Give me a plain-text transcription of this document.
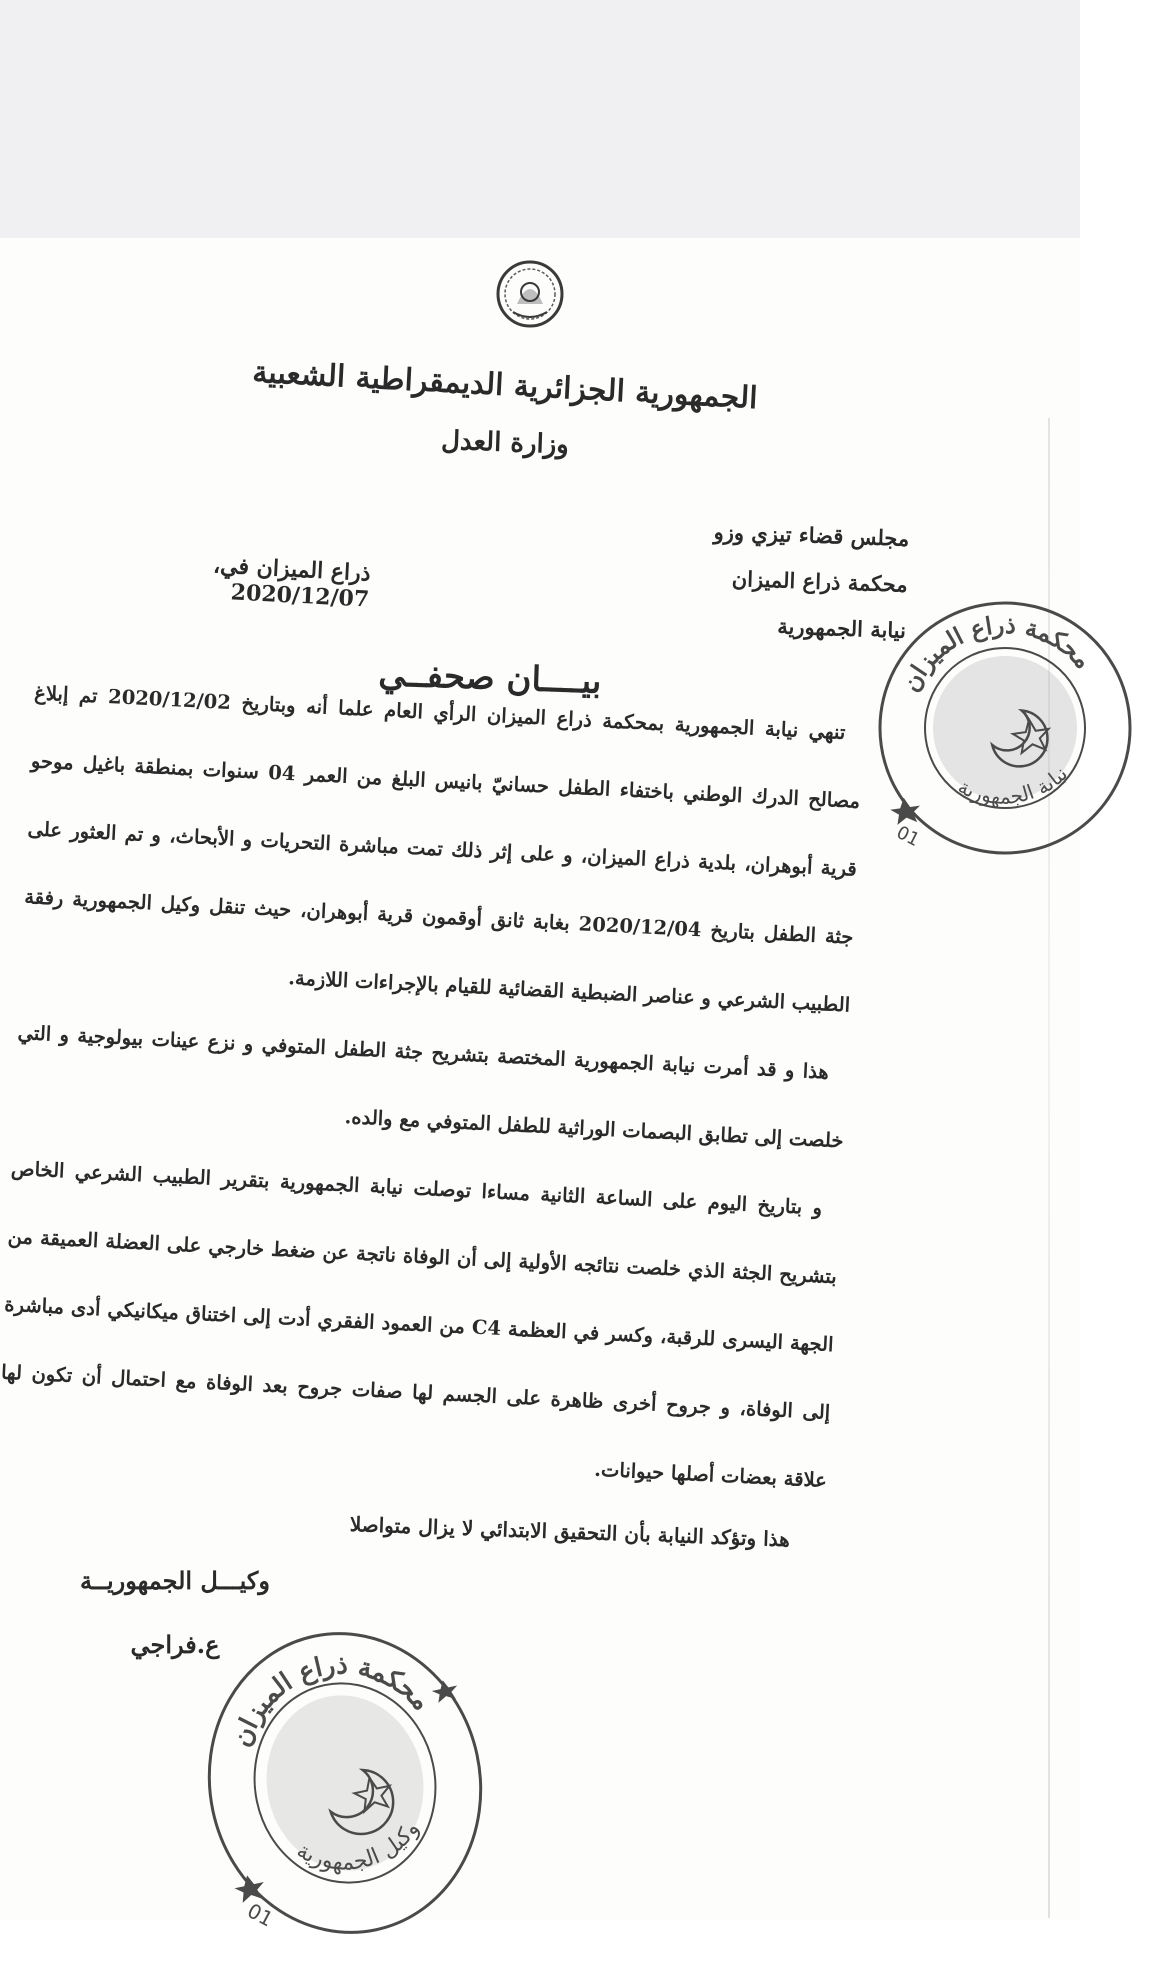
الجمهورية الجزائرية الديمقراطية الشعبية
وزارة العدل
مجلس قضاء تيزي وزو
محكمة ذراع الميزان
نيابة الجمهورية
ذراع الميزان في، 2020/12/07
بيــــان صحفــي

تنهي نيابة الجمهورية بمحكمة ذراع الميزان الرأي العام علما أنه وبتاريخ 2020/12/02 تم إبلاغ مصالح الدرك الوطني باختفاء الطفل حسانيّ بانيس البلغ من العمر 04 سنوات بمنطقة باغيل موحو قرية أبوهران، بلدية ذراع الميزان، و على إثر ذلك تمت مباشرة التحريات و الأبحاث، و تم العثور على جثة الطفل بتاريخ 2020/12/04 بغابة ثانق أوقمون قرية أبوهران، حيث تنقل وكيل الجمهورية رفقة الطبيب الشرعي و عناصر الضبطية القضائية للقيام بالإجراءات اللازمة.

هذا و قد أمرت نيابة الجمهورية المختصة بتشريح جثة الطفل المتوفي و نزع عينات بيولوجية و التي خلصت إلى تطابق البصمات الوراثية للطفل المتوفي مع والده.

و بتاريخ اليوم على الساعة الثانية مساءا توصلت نيابة الجمهورية بتقرير الطبيب الشرعي الخاص بتشريح الجثة الذي خلصت نتائجه الأولية إلى أن الوفاة ناتجة عن ضغط خارجي على العضلة العميقة من الجهة اليسرى للرقبة، وكسر في العظمة C4 من العمود الفقري أدت إلى اختناق ميكانيكي أدى مباشرة إلى الوفاة، و جروح أخرى ظاهرة على الجسم لها صفات جروح بعد الوفاة مع احتمال أن تكون لها علاقة بعضات أصلها حيوانات.

هذا وتؤكد النيابة بأن التحقيق الابتدائي لا يزال متواصلا
وكيـــل الجمهوريــة
ع.فراجي
محكمة ذراع الميزان
نيابة الجمهورية
01
محكمة ذراع الميزان
وكيل الجمهورية
01
